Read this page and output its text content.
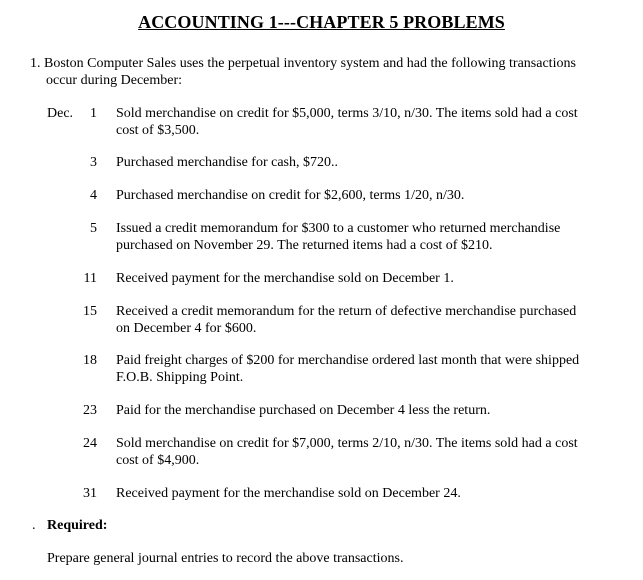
ACCOUNTING 1---CHAPTER 5 PROBLEMS
1. Boston Computer Sales uses the perpetual inventory system and had the following transactions
occur during December:
Dec.	1 Sold merchandise on credit for $5,000, terms 3/10, n/30. The items sold had a cost
cost of $3,500.
3 Purchased merchandise for cash, $720..
4 Purchased merchandise on credit for $2,600, terms 1/20, n/30.
5 Issued a credit memorandum for $300 to a customer who returned merchandise
purchased on November 29. The returned items had a cost of $210.
11 Received payment for the merchandise sold on December 1.
15 Received a credit memorandum for the return of defective merchandise purchased
on December 4 for $600.
18 Paid freight charges of $200 for merchandise ordered last month that were shipped
F.O.B. Shipping Point.
23 Paid for the merchandise purchased on December 4 less the return.
24 Sold merchandise on credit for $7,000, terms 2/10, n/30. The items sold had a cost
cost of $4,900.
31 Received payment for the merchandise sold on December 24.
. Required:
Prepare general journal entries to record the above transactions.
